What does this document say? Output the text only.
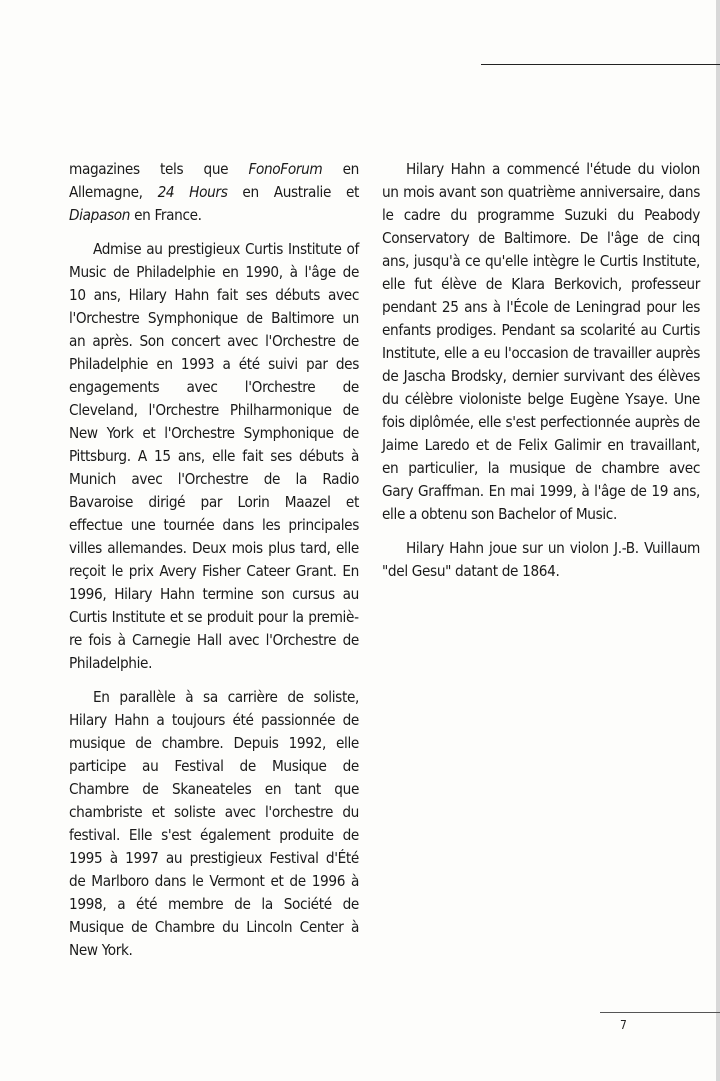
magazines tels que FonoForum en Allemagne, 24 Hours en Australie et Diapason en France.

Admise au prestigieux Curtis Institute of Music de Philadelphie en 1990, à l'âge de 10 ans, Hilary Hahn fait ses débuts avec l'Orchestre Symphonique de Baltimore un an après. Son concert avec l'Orchestre de Philadelphie en 1993 a été suivi par des engagements avec l'Orchestre de Cleveland, l'Orchestre Philharmonique de New York et l'Orchestre Symphonique de Pittsburg. A 15 ans, elle fait ses débuts à Munich avec l'Orchestre de la Radio Bavaroise dirigé par Lorin Maazel et effectue une tournée dans les principales villes allemandes. Deux mois plus tard, elle reçoit le prix Avery Fisher Cateer Grant. En 1996, Hilary Hahn termine son cursus au Curtis Institute et se produit pour la première fois à Carnegie Hall avec l'Orchestre de Philadelphie.

En parallèle à sa carrière de soliste, Hilary Hahn a toujours été passionnée de musique de chambre. Depuis 1992, elle participe au Festival de Musique de Chambre de Skaneateles en tant que chambriste et soliste avec l'orchestre du festival. Elle s'est également produite de 1995 à 1997 au prestigieux Festival d'Été de Marlboro dans le Vermont et de 1996 à 1998, a été membre de la Société de Musique de Chambre du Lincoln Center à New York.

Hilary Hahn a commencé l'étude du violon un mois avant son quatrième anniversaire, dans le cadre du programme Suzuki du Peabody Conservatory de Baltimore. De l'âge de cinq ans, jusqu'à ce qu'elle intègre le Curtis Institute, elle fut élève de Klara Berkovich, professeur pendant 25 ans à l'École de Leningrad pour les enfants prodiges. Pendant sa scolarité au Curtis Institute, elle a eu l'occasion de travailler auprès de Jascha Brodsky, dernier survivant des élèves du célèbre violoniste belge Eugène Ysaye. Une fois diplômée, elle s'est perfectionnée auprès de Jaime Laredo et de Felix Galimir en travaillant, en particulier, la musique de chambre avec Gary Graffman. En mai 1999, à l'âge de 19 ans, elle a obtenu son Bachelor of Music.

Hilary Hahn joue sur un violon J.-B. Vuillaum "del Gesu" datant de 1864.

7
